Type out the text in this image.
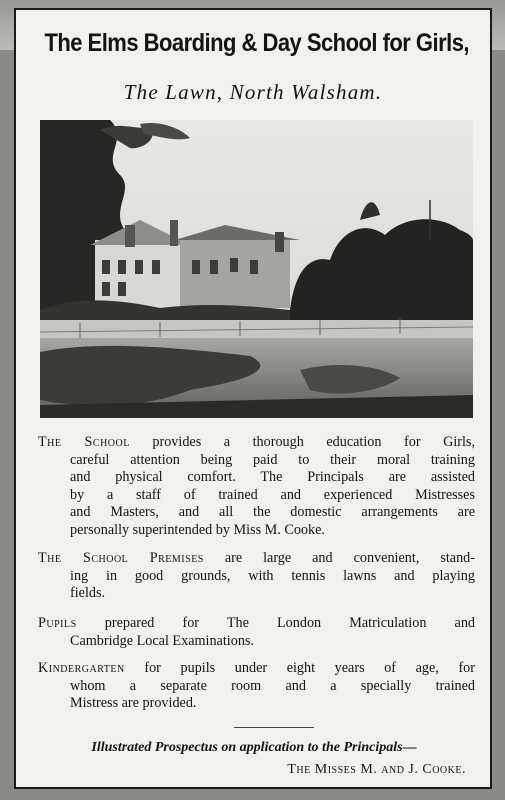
The Elms Boarding & Day School for Girls,
The Lawn, North Walsham.
The School provides a thorough education for Girls,
careful attention being paid to their moral training
and physical comfort. The Principals are assisted
by a staff of trained and experienced Mistresses
and Masters, and all the domestic arrangements are
personally superintended by Miss M. Cooke.
The School Premises are large and convenient, stand-
ing in good grounds, with tennis lawns and playing
fields.
Pupils prepared for The London Matriculation and
Cambridge Local Examinations.
Kindergarten for pupils under eight years of age, for
whom a separate room and a specially trained
Mistress are provided.
Illustrated Prospectus on application to the Principals—
The Misses M. and J. Cooke.
